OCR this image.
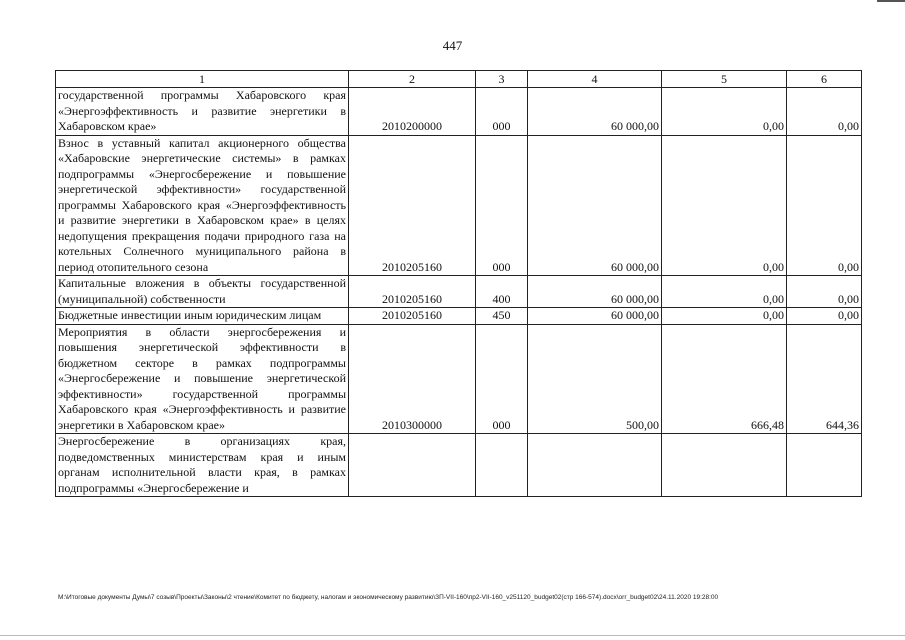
447
1	2	3	4	5	6
государственной программы Хабаровского края «Энергоэффективность и развитие энергетики в Хабаровском крае»	2010200000	000	60 000,00	0,00	0,00
Взнос в уставный капитал акционерного общества «Хабаровские энергетические системы» в рамках подпрограммы «Энергосбережение и повышение энергетической эффективности» государственной программы Хабаровского края «Энергоэффективность и развитие энергетики в Хабаровском крае» в целях недопущения прекращения подачи природного газа на котельных Солнечного муниципального района в период отопительного сезона	2010205160	000	60 000,00	0,00	0,00
Капитальные вложения в объекты государственной (муниципальной) собственности	2010205160	400	60 000,00	0,00	0,00
Бюджетные инвестиции иным юридическим лицам	2010205160	450	60 000,00	0,00	0,00
Мероприятия в области энергосбережения и повышения энергетической эффективности в бюджетном секторе в рамках подпрограммы «Энергосбережение и повышение энергетической эффективности» государственной программы Хабаровского края «Энергоэффективность и развитие энергетики в Хабаровском крае»	2010300000	000	500,00	666,48	644,36
Энергосбережение в организациях края, подведомственных министерствам края и иным органам исполнительной власти края, в рамках подпрограммы «Энергосбережение и					
M:\Итоговые документы Думы\7 созыв\Проекты\Законы\2 чтение\Комитет по бюджету, налогам и экономическому развитию\ЗП-VII-160\пр2-VII-160_v251120_budget02(стр 166-574).docx\orr_budget02\24.11.2020 19:28:00
